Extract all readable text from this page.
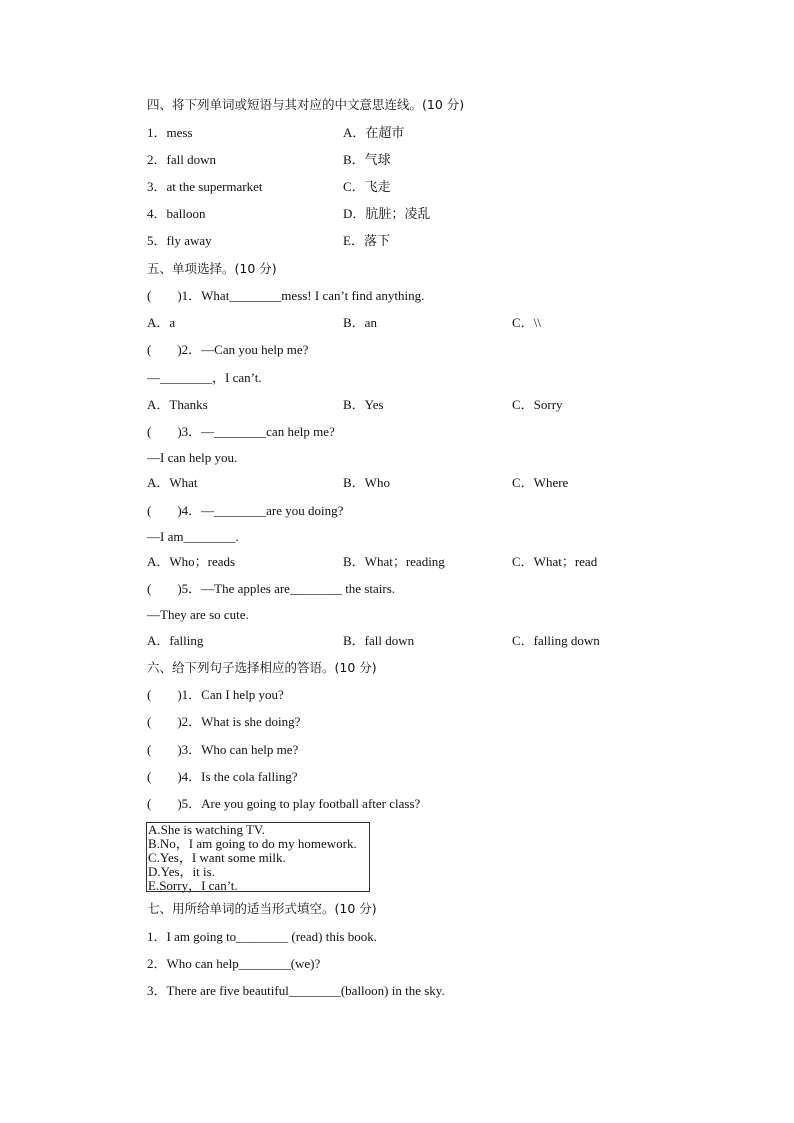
四、将下列单词或短语与其对应的中文意思连线。(10 分)
1．mess	A．在超市
2．fall down	B．气球
3．at the supermarket	C．飞走
4．balloon	D．肮脏；凌乱
5．fly away	E．落下
五、单项选择。(10 分)
(　　)1．What________mess! I can’t find anything.
A．a	B．an	C．\\
(　　)2．—Can you help me?
—________，I can’t.
A．Thanks	B．Yes	C．Sorry
(　　)3．—________can help me?
—I can help you.
A．What	B．Who	C．Where
(　　)4．—________are you doing?
—I am________.
A．Who；reads	B．What；reading	C．What；read
(　　)5．—The apples are________ the stairs.
—They are so cute.
A．falling	B．fall down	C．falling down
六、给下列句子选择相应的答语。(10 分)
(　　)1．Can I help you?
(　　)2．What is she doing?
(　　)3．Who can help me?
(　　)4．Is the cola falling?
(　　)5．Are you going to play football after class?
A.She is watching TV.
B.No，I am going to do my homework.
C.Yes，I want some milk.
D.Yes，it is.
E.Sorry，I can’t.
七、用所给单词的适当形式填空。(10 分)
1．I am going to________ (read) this book.
2．Who can help________(we)?
3．There are five beautiful________(balloon) in the sky.
